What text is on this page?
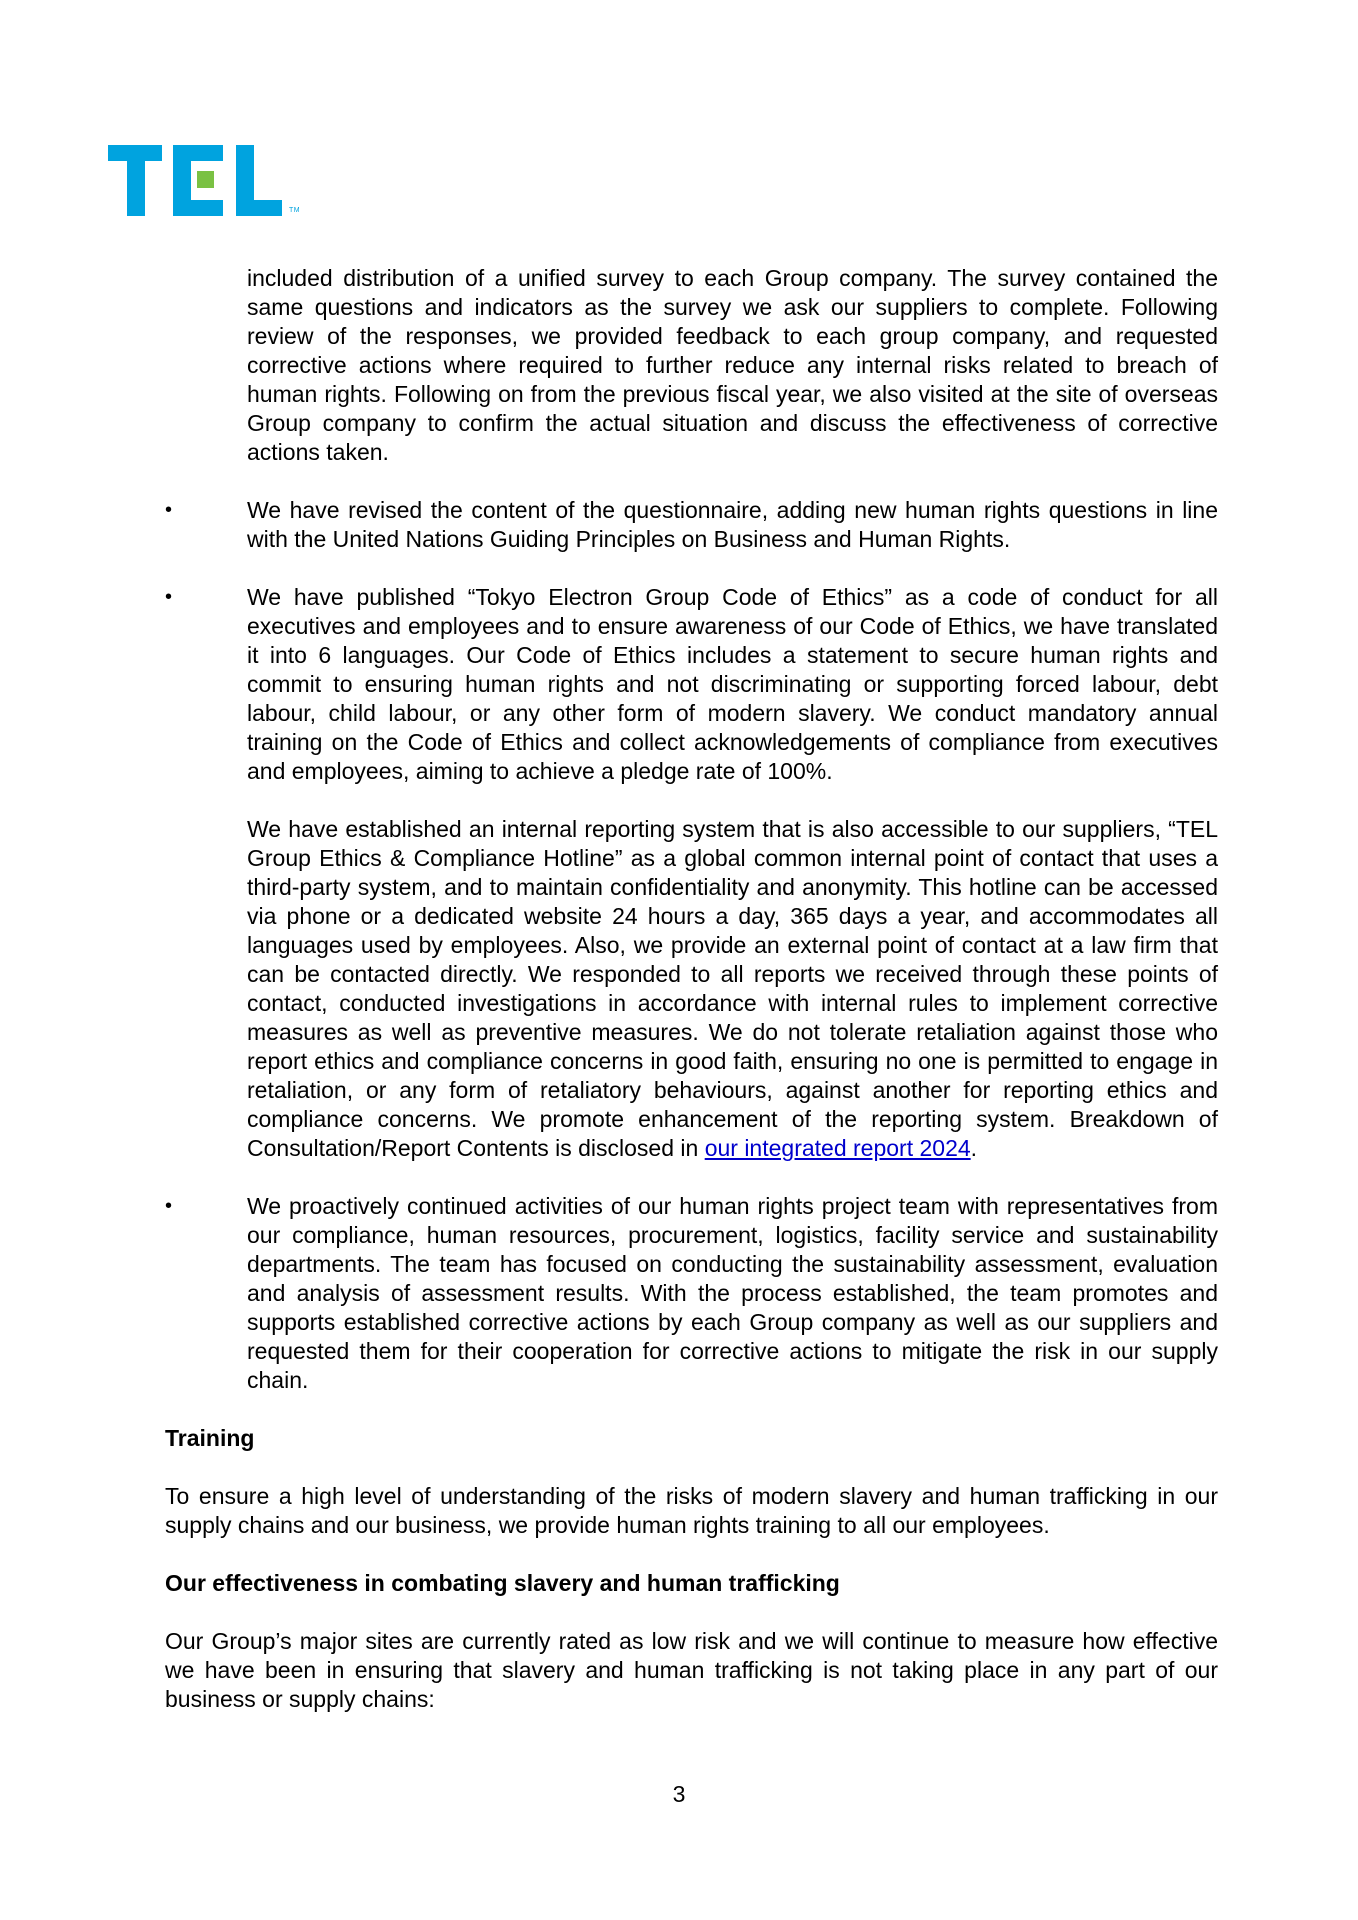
TM

included distribution of a unified survey to each Group company. The survey contained the same questions and indicators as the survey we ask our suppliers to complete. Following review of the responses, we provided feedback to each group company, and requested corrective actions where required to further reduce any internal risks related to breach of human rights. Following on from the previous fiscal year, we also visited at the site of overseas Group company to confirm the actual situation and discuss the effectiveness of corrective actions taken.

•	We have revised the content of the questionnaire, adding new human rights questions in line with the United Nations Guiding Principles on Business and Human Rights.
•	We have published “Tokyo Electron Group Code of Ethics” as a code of conduct for all executives and employees and to ensure awareness of our Code of Ethics, we have translated it into 6 languages. Our Code of Ethics includes a statement to secure human rights and commit to ensuring human rights and not discriminating or supporting forced labour, debt labour, child labour, or any other form of modern slavery. We conduct mandatory annual training on the Code of Ethics and collect acknowledgements of compliance from executives and employees, aiming to achieve a pledge rate of 100%.

We have established an internal reporting system that is also accessible to our suppliers, “TEL Group Ethics & Compliance Hotline” as a global common internal point of contact that uses a third-party system, and to maintain confidentiality and anonymity. This hotline can be accessed via phone or a dedicated website 24 hours a day, 365 days a year, and accommodates all languages used by employees. Also, we provide an external point of contact at a law firm that can be contacted directly. We responded to all reports we received through these points of contact, conducted investigations in accordance with internal rules to implement corrective measures as well as preventive measures. We do not tolerate retaliation against those who report ethics and compliance concerns in good faith, ensuring no one is permitted to engage in retaliation, or any form of retaliatory behaviours, against another for reporting ethics and compliance concerns. We promote enhancement of the reporting system. Breakdown of Consultation/Report Contents is disclosed in our integrated report 2024.

•	We proactively continued activities of our human rights project team with representatives from our compliance, human resources, procurement, logistics, facility service and sustainability departments. The team has focused on conducting the sustainability assessment, evaluation and analysis of assessment results. With the process established, the team promotes and supports established corrective actions by each Group company as well as our suppliers and requested them for their cooperation for corrective actions to mitigate the risk in our supply chain.
Training

To ensure a high level of understanding of the risks of modern slavery and human trafficking in our supply chains and our business, we provide human rights training to all our employees.

Our effectiveness in combating slavery and human trafficking

Our Group’s major sites are currently rated as low risk and we will continue to measure how effective we have been in ensuring that slavery and human trafficking is not taking place in any part of our business or supply chains:

3
